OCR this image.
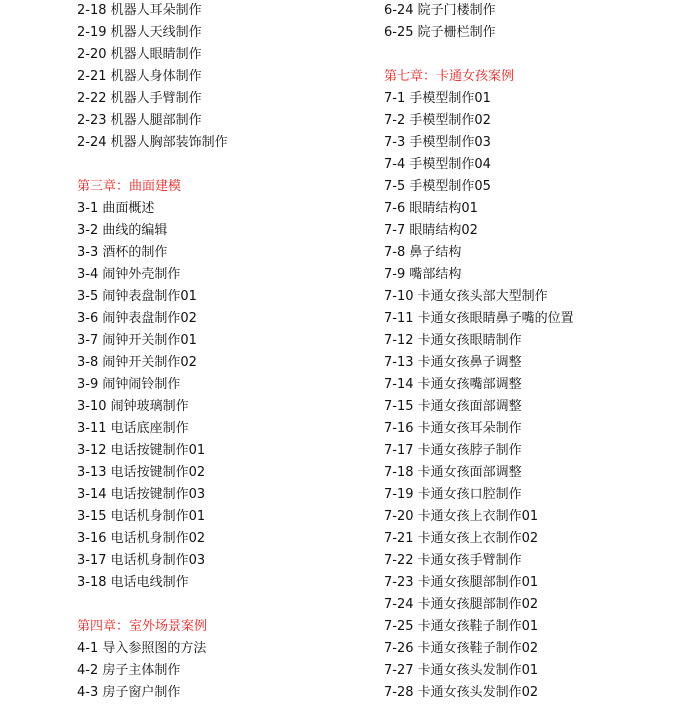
2-18 机器人耳朵制作
2-19 机器人天线制作
2-20 机器人眼睛制作
2-21 机器人身体制作
2-22 机器人手臂制作
2-23 机器人腿部制作
2-24 机器人胸部装饰制作
第三章：曲面建模
3-1 曲面概述
3-2 曲线的编辑
3-3 酒杯的制作
3-4 闹钟外壳制作
3-5 闹钟表盘制作01
3-6 闹钟表盘制作02
3-7 闹钟开关制作01
3-8 闹钟开关制作02
3-9 闹钟闹铃制作
3-10 闹钟玻璃制作
3-11 电话底座制作
3-12 电话按键制作01
3-13 电话按键制作02
3-14 电话按键制作03
3-15 电话机身制作01
3-16 电话机身制作02
3-17 电话机身制作03
3-18 电话电线制作
第四章：室外场景案例
4-1 导入参照图的方法
4-2 房子主体制作
4-3 房子窗户制作
6-24 院子门楼制作
6-25 院子栅栏制作
第七章：卡通女孩案例
7-1 手模型制作01
7-2 手模型制作02
7-3 手模型制作03
7-4 手模型制作04
7-5 手模型制作05
7-6 眼睛结构01
7-7 眼睛结构02
7-8 鼻子结构
7-9 嘴部结构
7-10 卡通女孩头部大型制作
7-11 卡通女孩眼睛鼻子嘴的位置
7-12 卡通女孩眼睛制作
7-13 卡通女孩鼻子调整
7-14 卡通女孩嘴部调整
7-15 卡通女孩面部调整
7-16 卡通女孩耳朵制作
7-17 卡通女孩脖子制作
7-18 卡通女孩面部调整
7-19 卡通女孩口腔制作
7-20 卡通女孩上衣制作01
7-21 卡通女孩上衣制作02
7-22 卡通女孩手臂制作
7-23 卡通女孩腿部制作01
7-24 卡通女孩腿部制作02
7-25 卡通女孩鞋子制作01
7-26 卡通女孩鞋子制作02
7-27 卡通女孩头发制作01
7-28 卡通女孩头发制作02
